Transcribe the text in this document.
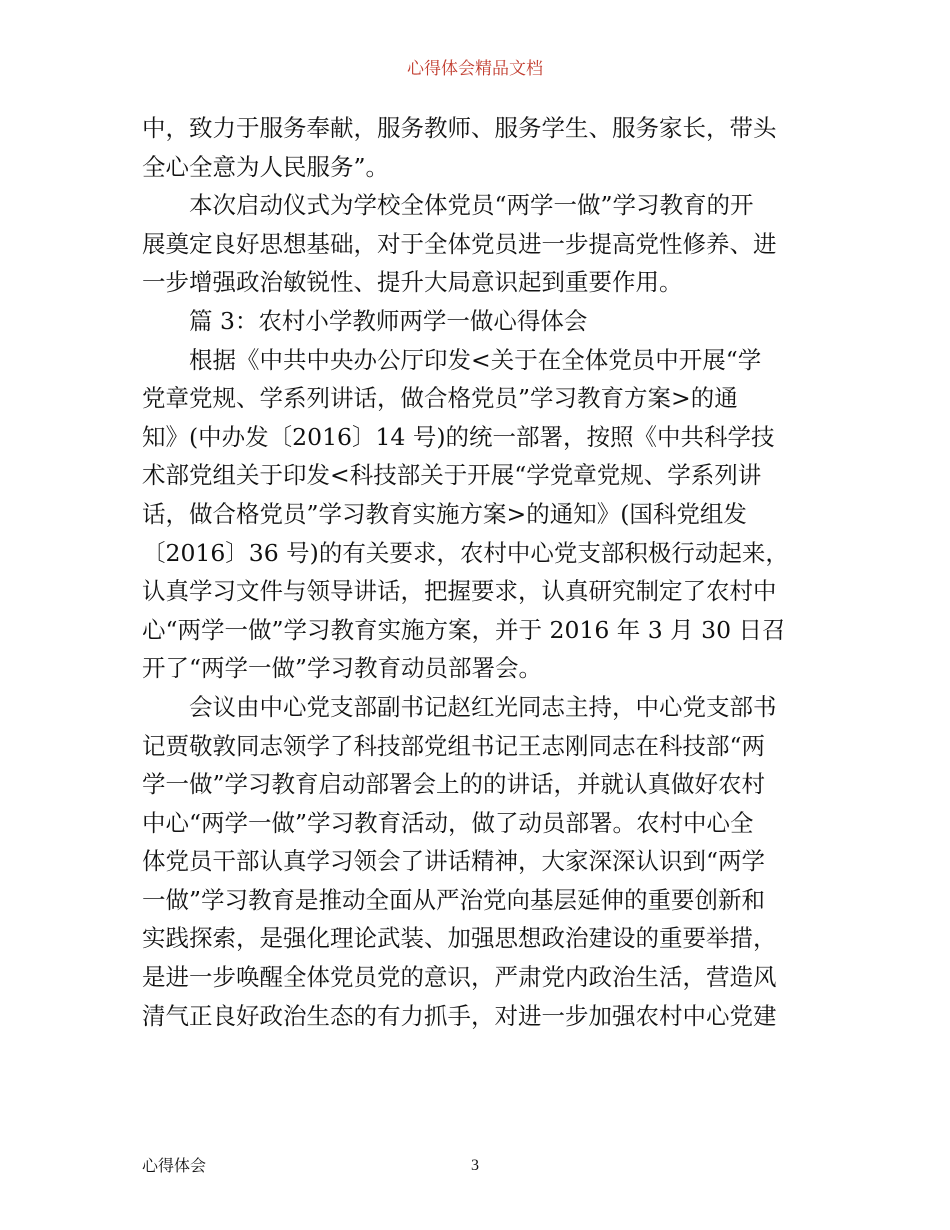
心得体会精品文档

中，致力于服务奉献，服务教师、服务学生、服务家长，带头

全心全意为人民服务”。

本次启动仪式为学校全体党员“两学一做”学习教育的开

展奠定良好思想基础，对于全体党员进一步提高党性修养、进

一步增强政治敏锐性、提升大局意识起到重要作用。

篇 3：农村小学教师两学一做心得体会

根据《中共中央办公厅印发<关于在全体党员中开展“学

党章党规、学系列讲话，做合格党员”学习教育方案>的通

知》(中办发〔2016〕14 号)的统一部署，按照《中共科学技

术部党组关于印发<科技部关于开展“学党章党规、学系列讲

话，做合格党员”学习教育实施方案>的通知》(国科党组发

〔2016〕36 号)的有关要求，农村中心党支部积极行动起来，

认真学习文件与领导讲话，把握要求，认真研究制定了农村中

心“两学一做”学习教育实施方案，并于 2016 年 3 月 30 日召

开了“两学一做”学习教育动员部署会。

会议由中心党支部副书记赵红光同志主持，中心党支部书

记贾敬敦同志领学了科技部党组书记王志刚同志在科技部“两

学一做”学习教育启动部署会上的的讲话，并就认真做好农村

中心“两学一做”学习教育活动，做了动员部署。农村中心全

体党员干部认真学习领会了讲话精神，大家深深认识到“两学

一做”学习教育是推动全面从严治党向基层延伸的重要创新和

实践探索，是强化理论武装、加强思想政治建设的重要举措，

是进一步唤醒全体党员党的意识，严肃党内政治生活，营造风

清气正良好政治生态的有力抓手，对进一步加强农村中心党建

心得体会	3
